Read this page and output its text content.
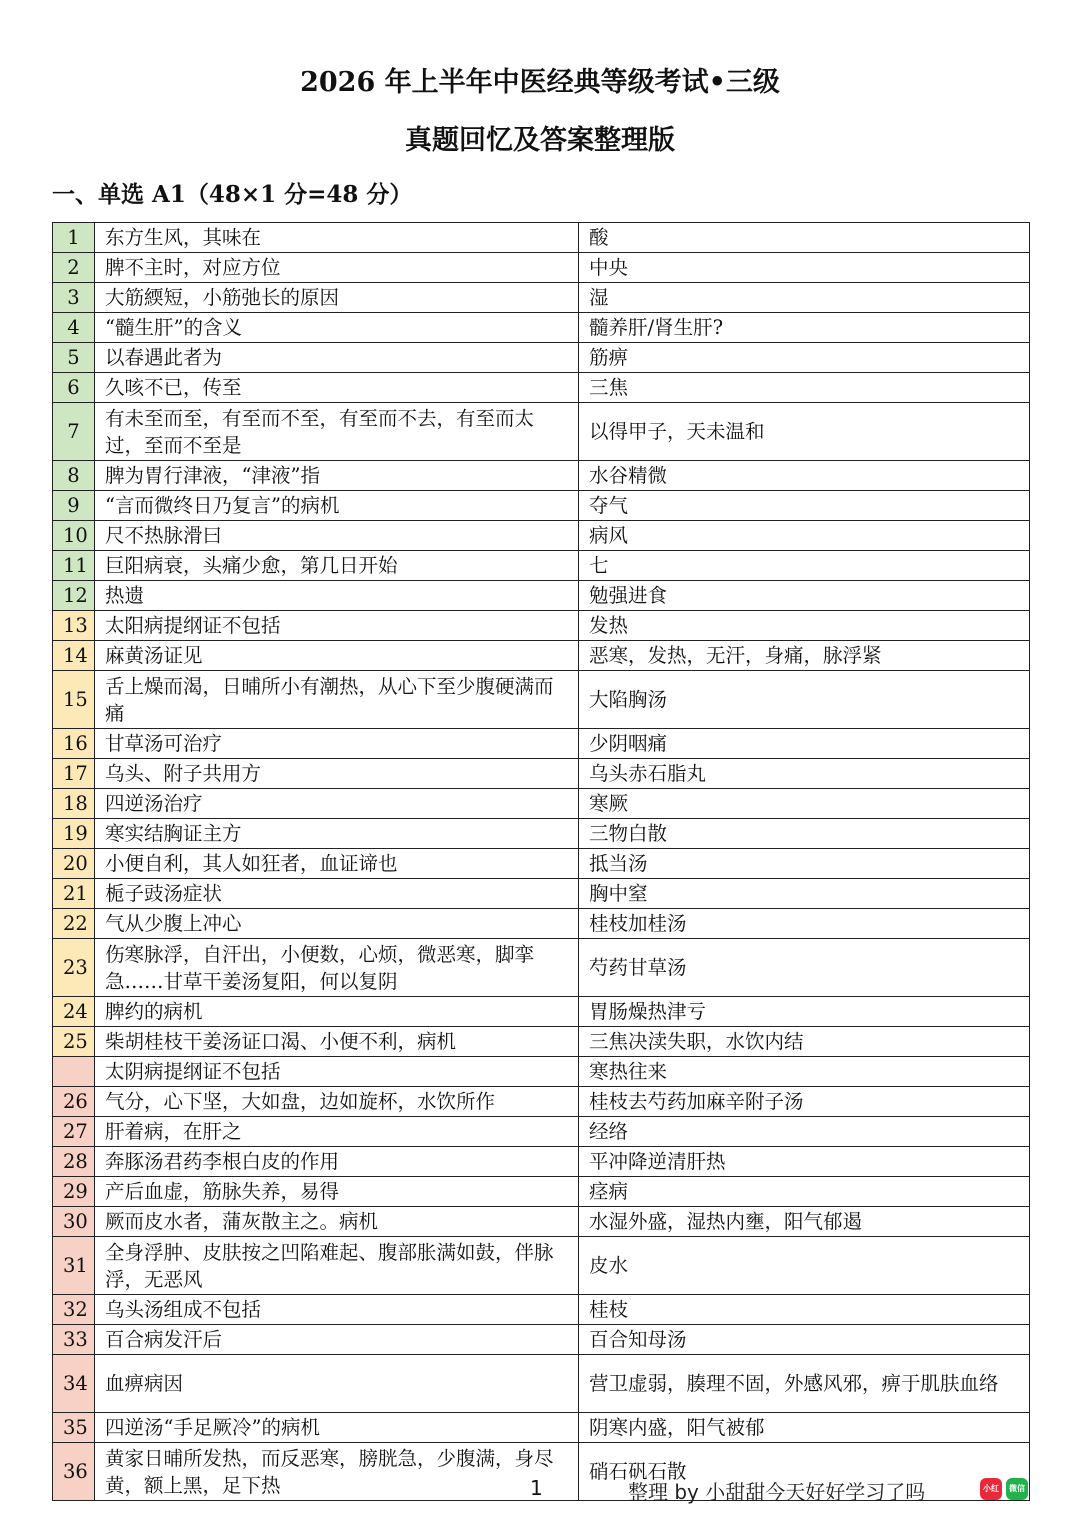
2026 年上半年中医经典等级考试•三级
真题回忆及答案整理版
一、单选 A1（48×1 分=48 分）
1	东方生风，其味在	酸
2	脾不主时，对应方位	中央
3	大筋緛短，小筋弛长的原因	湿
4	“髓生肝”的含义	髓养肝/肾生肝?
5	以春遇此者为	筋痹
6	久咳不已，传至	三焦
7	有未至而至，有至而不至，有至而不去，有至而太过，至而不至是	以得甲子，天未温和
8	脾为胃行津液，“津液”指	水谷精微
9	“言而微终日乃复言”的病机	夺气
10	尺不热脉滑曰	病风
11	巨阳病衰，头痛少愈，第几日开始	七
12	热遗	勉强进食
13	太阳病提纲证不包括	发热
14	麻黄汤证见	恶寒，发热，无汗，身痛，脉浮紧
15	舌上燥而渴，日晡所小有潮热，从心下至少腹硬满而痛	大陷胸汤
16	甘草汤可治疗	少阴咽痛
17	乌头、附子共用方	乌头赤石脂丸
18	四逆汤治疗	寒厥
19	寒实结胸证主方	三物白散
20	小便自利，其人如狂者，血证谛也	抵当汤
21	栀子豉汤症状	胸中窒
22	气从少腹上冲心	桂枝加桂汤
23	伤寒脉浮，自汗出，小便数，心烦，微恶寒，脚挛急……甘草干姜汤复阳，何以复阴	芍药甘草汤
24	脾约的病机	胃肠燥热津亏
25	柴胡桂枝干姜汤证口渴、小便不利，病机	三焦决渎失职，水饮内结
	太阴病提纲证不包括	寒热往来
26	气分，心下坚，大如盘，边如旋杯，水饮所作	桂枝去芍药加麻辛附子汤
27	肝着病，在肝之	经络
28	奔豚汤君药李根白皮的作用	平冲降逆清肝热
29	产后血虚，筋脉失养，易得	痉病
30	厥而皮水者，蒲灰散主之。病机	水湿外盛，湿热内壅，阳气郁遏
31	全身浮肿、皮肤按之凹陷难起、腹部胀满如鼓，伴脉浮，无恶风	皮水
32	乌头汤组成不包括	桂枝
33	百合病发汗后	百合知母汤
34	血痹病因	营卫虚弱，腠理不固，外感风邪，痹于肌肤血络
35	四逆汤“手足厥冷”的病机	阴寒内盛，阳气被郁
36	黄家日晡所发热，而反恶寒，膀胱急，少腹满，身尽黄，额上黑，足下热	硝石矾石散
1	整理 by 小甜甜今天好好学习了吗	小红书
微信
